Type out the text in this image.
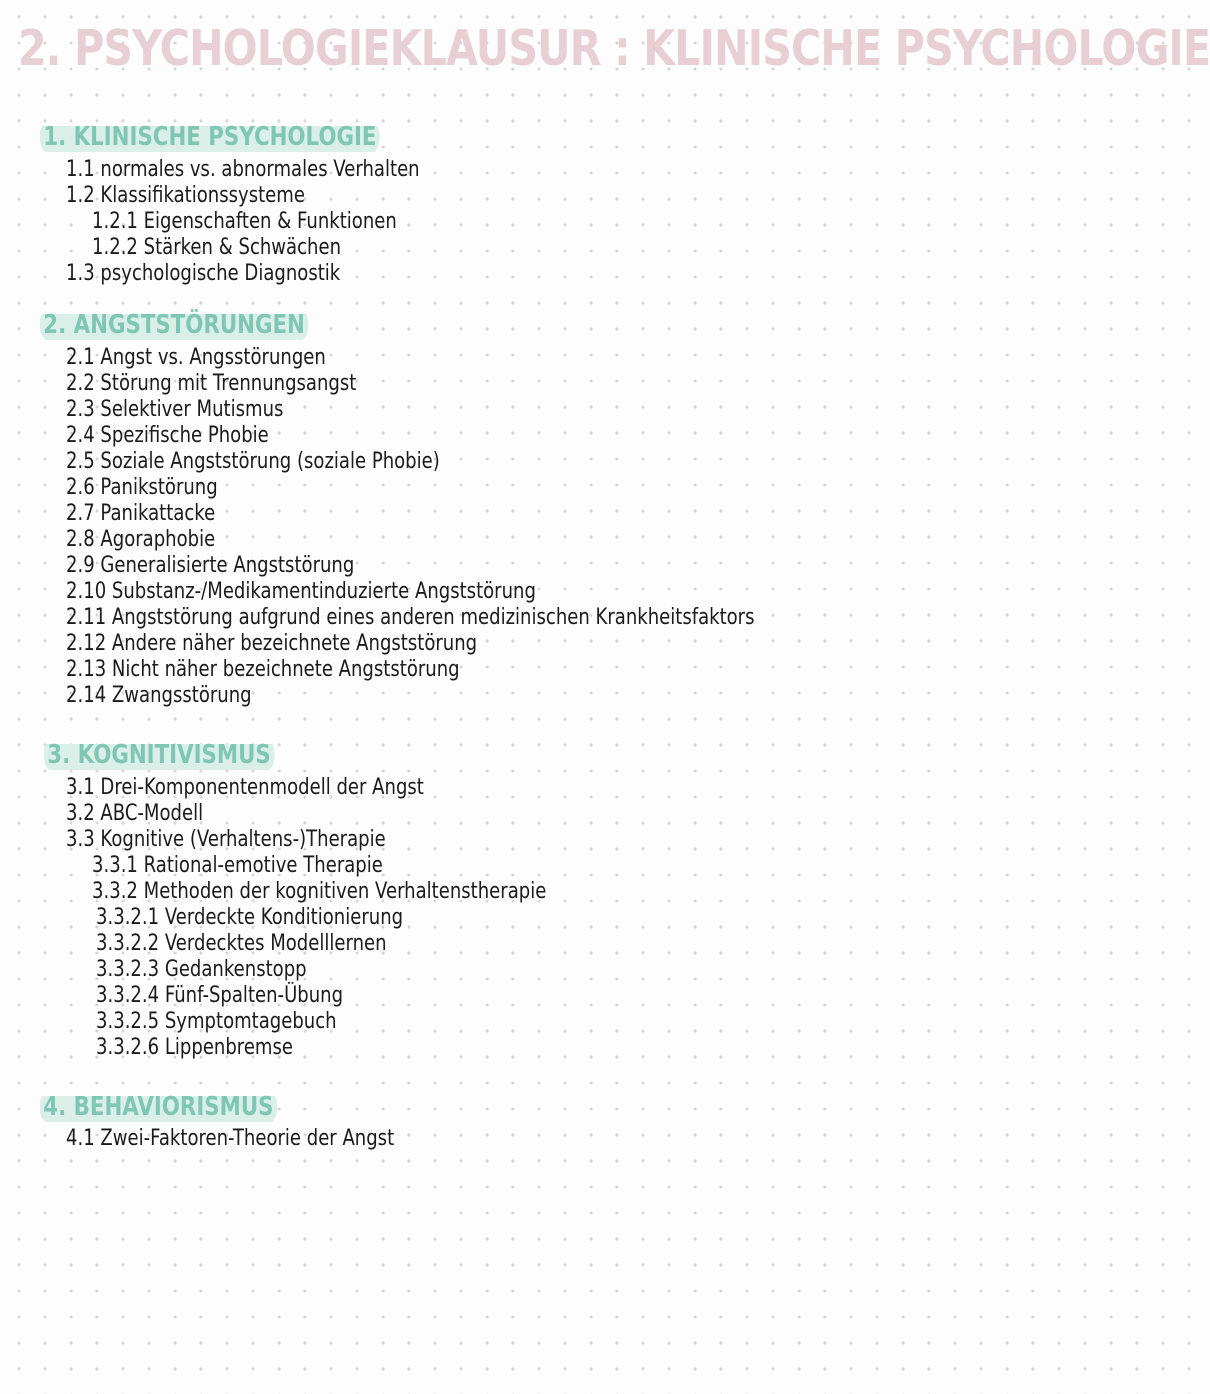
2. PSYCHOLOGIEKLAUSUR : KLINISCHE PSYCHOLOGIE
1. KLINISCHE PSYCHOLOGIE
1.1 normales vs. abnormales Verhalten
1.2 Klassifikationssysteme
1.2.1 Eigenschaften & Funktionen
1.2.2 Stärken & Schwächen
1.3 psychologische Diagnostik
2. ANGSTSTÖRUNGEN
2.1 Angst vs. Angsstörungen
2.2 Störung mit Trennungsangst
2.3 Selektiver Mutismus
2.4 Spezifische Phobie
2.5 Soziale Angststörung (soziale Phobie)
2.6 Panikstörung
2.7 Panikattacke
2.8 Agoraphobie
2.9 Generalisierte Angststörung
2.10 Substanz-/Medikamentinduzierte Angststörung
2.11 Angststörung aufgrund eines anderen medizinischen Krankheitsfaktors
2.12 Andere näher bezeichnete Angststörung
2.13 Nicht näher bezeichnete Angststörung
2.14 Zwangsstörung
3. KOGNITIVISMUS
3.1 Drei-Komponentenmodell der Angst
3.2 ABC-Modell
3.3 Kognitive (Verhaltens-)Therapie
3.3.1 Rational-emotive Therapie
3.3.2 Methoden der kognitiven Verhaltenstherapie
3.3.2.1 Verdeckte Konditionierung
3.3.2.2 Verdecktes Modelllernen
3.3.2.3 Gedankenstopp
3.3.2.4 Fünf-Spalten-Übung
3.3.2.5 Symptomtagebuch
3.3.2.6 Lippenbremse
4. BEHAVIORISMUS
4.1 Zwei-Faktoren-Theorie der Angst
